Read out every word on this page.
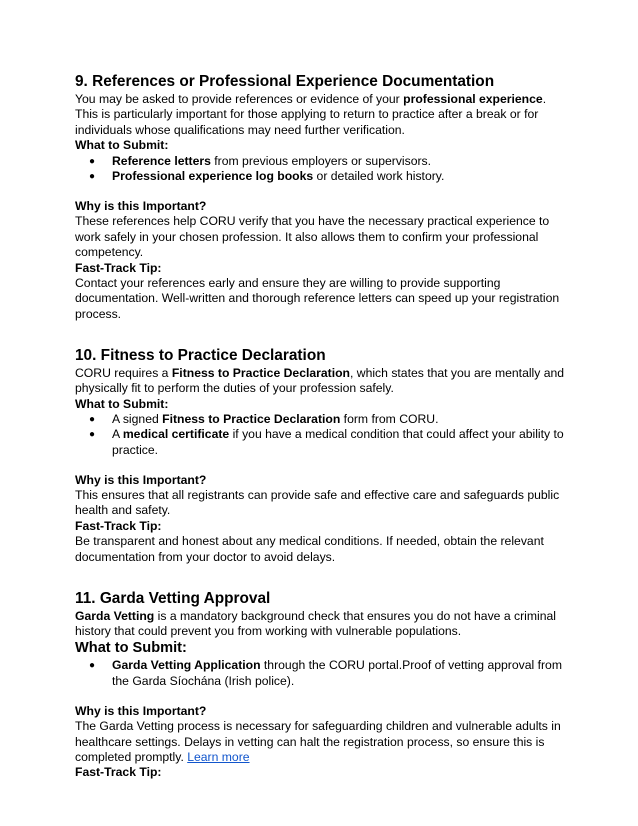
9. References or Professional Experience Documentation

You may be asked to provide references or evidence of your professional experience. This is particularly important for those applying to return to practice after a break or for individuals whose qualifications may need further verification.

What to Submit:
● Reference letters from previous employers or supervisors.
● Professional experience log books or detailed work history.
Why is this Important?

These references help CORU verify that you have the necessary practical experience to work safely in your chosen profession. It also allows them to confirm your professional competency.

Fast-Track Tip:

Contact your references early and ensure they are willing to provide supporting documentation. Well-written and thorough reference letters can speed up your registration process.

10. Fitness to Practice Declaration

CORU requires a Fitness to Practice Declaration, which states that you are mentally and physically fit to perform the duties of your profession safely.

What to Submit:
● A signed Fitness to Practice Declaration form from CORU.
● A medical certificate if you have a medical condition that could affect your ability to practice.
Why is this Important?

This ensures that all registrants can provide safe and effective care and safeguards public health and safety.

Fast-Track Tip:

Be transparent and honest about any medical conditions. If needed, obtain the relevant documentation from your doctor to avoid delays.

11. Garda Vetting Approval

Garda Vetting is a mandatory background check that ensures you do not have a criminal history that could prevent you from working with vulnerable populations.

What to Submit:
● Garda Vetting Application through the CORU portal.Proof of vetting approval from the Garda Síochána (Irish police).
Why is this Important?

The Garda Vetting process is necessary for safeguarding children and vulnerable adults in healthcare settings. Delays in vetting can halt the registration process, so ensure this is completed promptly. Learn more

Fast-Track Tip:
